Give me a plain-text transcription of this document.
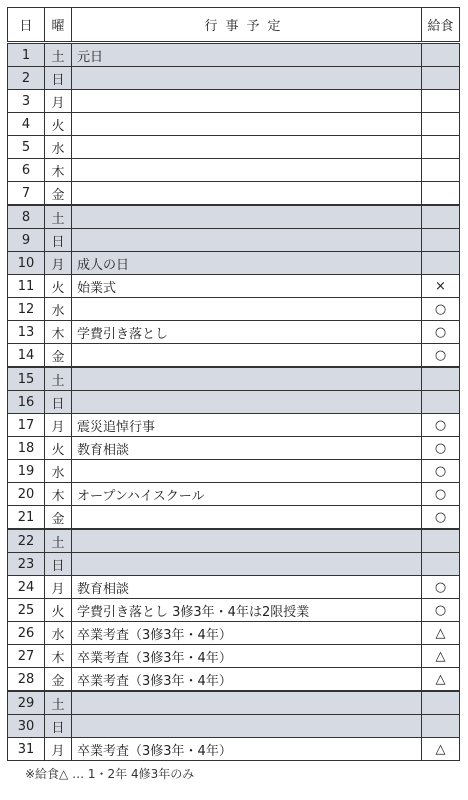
日	曜	行事予定	給食
1	土	元日	
2	日		
3	月		
4	火		
5	水		
6	木		
7	金		
8	土		
9	日		
10	月	成人の日	
11	火	始業式	×
12	水		○
13	木	学費引き落とし	○
14	金		○
15	土		
16	日		
17	月	震災追悼行事	○
18	火	教育相談	○
19	水		○
20	木	オープンハイスクール	○
21	金		○
22	土		
23	日		
24	月	教育相談	○
25	火	学費引き落とし 3修3年・4年は2限授業	○
26	水	卒業考査（3修3年・4年）	△
27	木	卒業考査（3修3年・4年）	△
28	金	卒業考査（3修3年・4年）	△
29	土		
30	日		
31	月	卒業考査（3修3年・4年）	△
※給食△ … 1・2年 4修3年のみ
